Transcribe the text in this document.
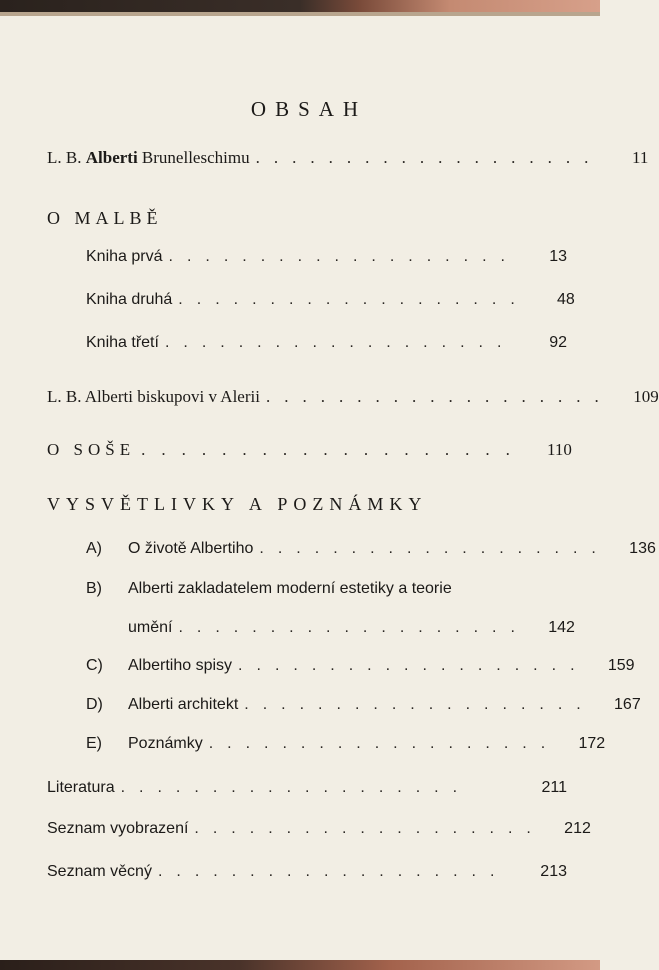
OBSAH
L. B. Alberti Brunelleschimu ...................	11
O MALBĚ
Kniha prvá ...................	13
Kniha druhá ...................	48
Kniha třetí ...................	92
L. B. Alberti biskupovi v Alerii ...................	109
O SOŠE ...................	110
VYSVĚTLIVKY A POZNÁMKY
A) O životě Albertiho ...................	136
B) Alberti zakladatelem moderní estetiky a teorie
umění ...................	142
C) Albertiho spisy ...................	159
D) Alberti architekt ...................	167
E) Poznámky ...................	172
Literatura ...................	211
Seznam vyobrazení ...................	212
Seznam věcný ...................	213
